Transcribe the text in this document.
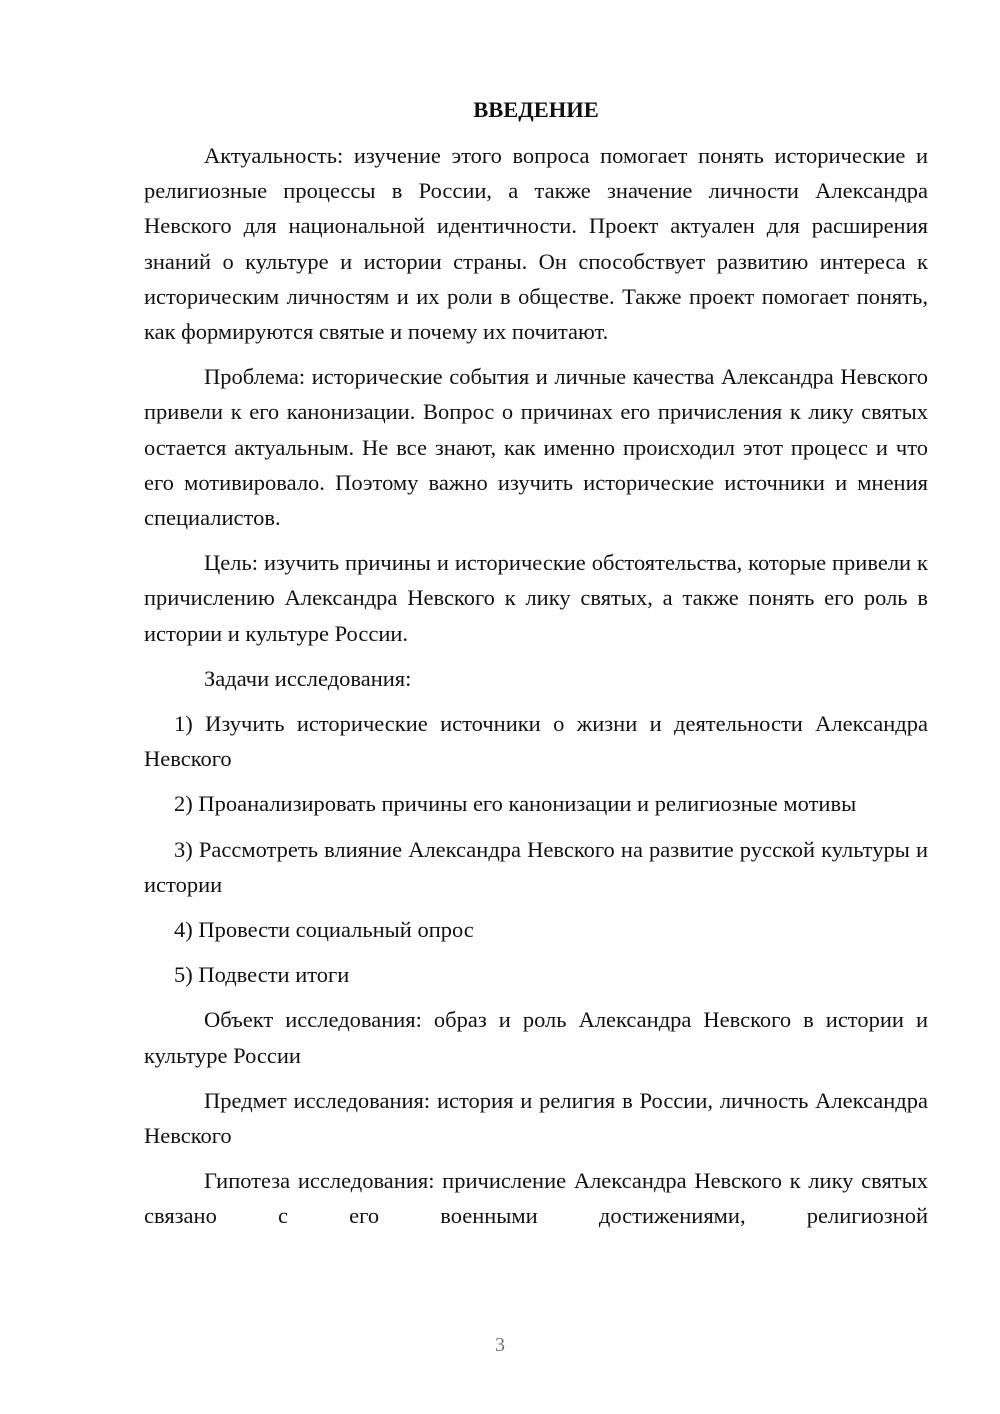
ВВЕДЕНИЕ

Актуальность: изучение этого вопроса помогает понять исторические и религиозные процессы в России, а также значение личности Александра Невского для национальной идентичности. Проект актуален для расширения знаний о культуре и истории страны. Он способствует развитию интереса к историческим личностям и их роли в обществе. Также проект помогает понять, как формируются святые и почему их почитают.

Проблема: исторические события и личные качества Александра Невского привели к его канонизации. Вопрос о причинах его причисления к лику святых остается актуальным. Не все знают, как именно происходил этот процесс и что его мотивировало. Поэтому важно изучить исторические источники и мнения специалистов.

Цель: изучить причины и исторические обстоятельства, которые привели к причислению Александра Невского к лику святых, а также понять его роль в истории и культуре России.

Задачи исследования:

1) Изучить исторические источники о жизни и деятельности Александра Невского

2) Проанализировать причины его канонизации и религиозные мотивы

3) Рассмотреть влияние Александра Невского на развитие русской культуры и истории

4) Провести социальный опрос

5) Подвести итоги

Объект исследования: образ и роль Александра Невского в истории и культуре России

Предмет исследования: история и религия в России, личность Александра Невского

Гипотеза исследования: причисление Александра Невского к лику святых связано с его военными достижениями, религиозной

3
